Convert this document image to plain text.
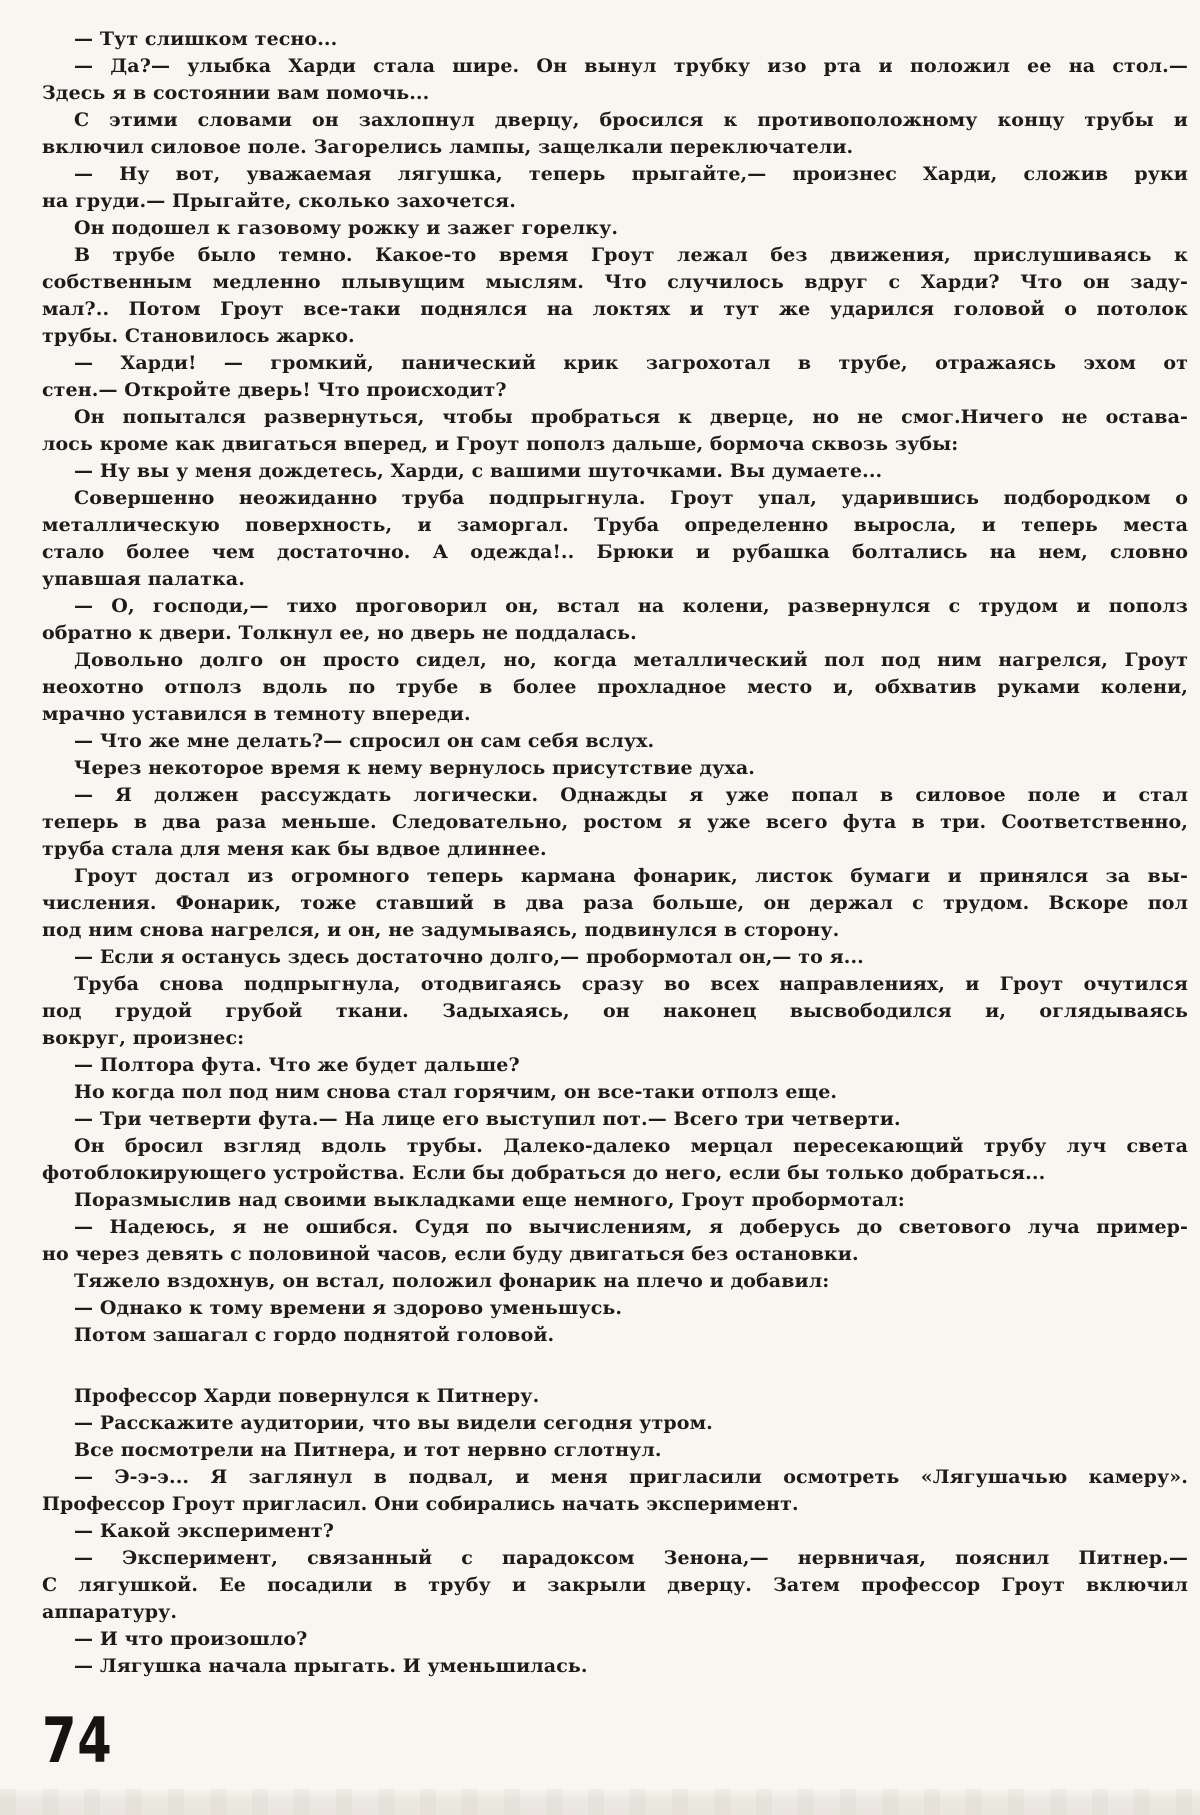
— Тут слишком тесно...
— Да?— улыбка Харди стала шире. Он вынул трубку изо рта и положил ее на стол.—
Здесь я в состоянии вам помочь...
С этими словами он захлопнул дверцу, бросился к противоположному концу трубы и
включил силовое поле. Загорелись лампы, защелкали переключатели.
— Ну вот, уважаемая лягушка, теперь прыгайте,— произнес Харди, сложив руки
на груди.— Прыгайте, сколько захочется.
Он подошел к газовому рожку и зажег горелку.
В трубе было темно. Какое-то время Гроут лежал без движения, прислушиваясь к
собственным медленно плывущим мыслям. Что случилось вдруг с Харди? Что он заду-
мал?.. Потом Гроут все-таки поднялся на локтях и тут же ударился головой о потолок
трубы. Становилось жарко.
— Харди! — громкий, панический крик загрохотал в трубе, отражаясь эхом от
стен.— Откройте дверь! Что происходит?
Он попытался развернуться, чтобы пробраться к дверце, но не смог.Ничего не остава-
лось кроме как двигаться вперед, и Гроут пополз дальше, бормоча сквозь зубы:
— Ну вы у меня дождетесь, Харди, с вашими шуточками. Вы думаете...
Совершенно неожиданно труба подпрыгнула. Гроут упал, ударившись подбородком о
металлическую поверхность, и заморгал. Труба определенно выросла, и теперь места
стало более чем достаточно. А одежда!.. Брюки и рубашка болтались на нем, словно
упавшая палатка.
— О, господи,— тихо проговорил он, встал на колени, развернулся с трудом и пополз
обратно к двери. Толкнул ее, но дверь не поддалась.
Довольно долго он просто сидел, но, когда металлический пол под ним нагрелся, Гроут
неохотно отполз вдоль по трубе в более прохладное место и, обхватив руками колени,
мрачно уставился в темноту впереди.
— Что же мне делать?— спросил он сам себя вслух.
Через некоторое время к нему вернулось присутствие духа.
— Я должен рассуждать логически. Однажды я уже попал в силовое поле и стал
теперь в два раза меньше. Следовательно, ростом я уже всего фута в три. Соответственно,
труба стала для меня как бы вдвое длиннее.
Гроут достал из огромного теперь кармана фонарик, листок бумаги и принялся за вы-
числения. Фонарик, тоже ставший в два раза больше, он держал с трудом. Вскоре пол
под ним снова нагрелся, и он, не задумываясь, подвинулся в сторону.
— Если я останусь здесь достаточно долго,— пробормотал он,— то я...
Труба снова подпрыгнула, отодвигаясь сразу во всех направлениях, и Гроут очутился
под грудой грубой ткани. Задыхаясь, он наконец высвободился и, оглядываясь
вокруг, произнес:
— Полтора фута. Что же будет дальше?
Но когда пол под ним снова стал горячим, он все-таки отполз еще.
— Три четверти фута.— На лице его выступил пот.— Всего три четверти.
Он бросил взгляд вдоль трубы. Далеко-далеко мерцал пересекающий трубу луч света
фотоблокирующего устройства. Если бы добраться до него, если бы только добраться...
Поразмыслив над своими выкладками еще немного, Гроут пробормотал:
— Надеюсь, я не ошибся. Судя по вычислениям, я доберусь до светового луча пример-
но через девять с половиной часов, если буду двигаться без остановки.
Тяжело вздохнув, он встал, положил фонарик на плечо и добавил:
— Однако к тому времени я здорово уменьшусь.
Потом зашагал с гордо поднятой головой.
Профессор Харди повернулся к Питнеру.
— Расскажите аудитории, что вы видели сегодня утром.
Все посмотрели на Питнера, и тот нервно сглотнул.
— Э-э-э... Я заглянул в подвал, и меня пригласили осмотреть «Лягушачью камеру».
Профессор Гроут пригласил. Они собирались начать эксперимент.
— Какой эксперимент?
— Эксперимент, связанный с парадоксом Зенона,— нервничая, пояснил Питнер.—
С лягушкой. Ее посадили в трубу и закрыли дверцу. Затем профессор Гроут включил
аппаратуру.
— И что произошло?
— Лягушка начала прыгать. И уменьшилась.
74
